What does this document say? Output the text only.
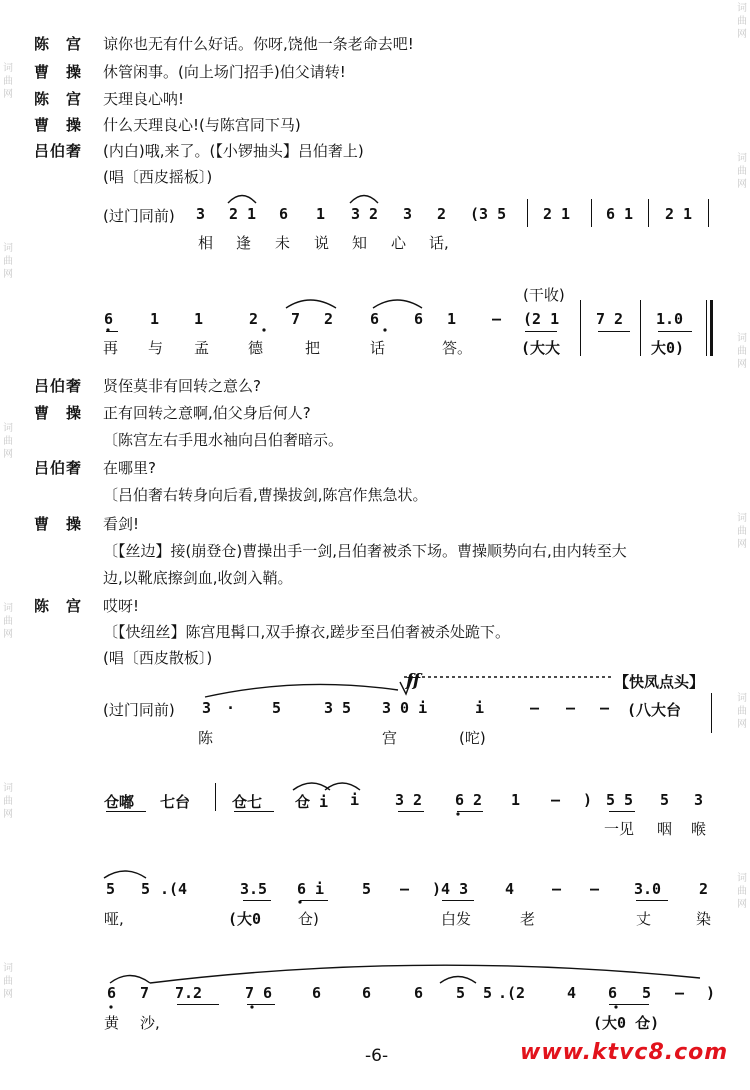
词曲网
词曲网
词曲网
词曲网
词曲网
词曲网
词曲网
词曲网
词曲网
词曲网
词曲网
词曲网
陈　宫 谅你也无有什么好话。你呀,饶他一条老命去吧!
曹　操 休管闲事。(向上场门招手)伯父请转!
陈　宫 天理良心呐!
曹　操 什么天理良心!(与陈宫同下马)
吕伯奢 (内白)哦,来了。(【小锣抽头】吕伯奢上)
(唱〔西皮摇板〕)
(过门同前) 3 2 1 6 1 3 2 3 2 (3 5 2 1 6 1 2 1
相 逢 未 说 知 心 话,
(干收)
6 1 1	2 7 2 6 6 1 – (2 1 7 2 1.0
再 与 孟	德	把	话	答。	(大大	大0)
吕伯奢 贤侄莫非有回转之意么?
曹　操 正有回转之意啊,伯父身后何人?
〔陈宫左右手甩水袖向吕伯奢暗示。
吕伯奢 在哪里?
〔吕伯奢右转身向后看,曹操拔剑,陈宫作焦急状。
曹　操 看剑!
〔【丝边】接(崩登仓)曹操出手一剑,吕伯奢被杀下场。曹操顺势向右,由内转至大
边,以靴底擦剑血,收剑入鞘。
陈　宫 哎呀!
〔【快纽丝】陈宫甩髯口,双手撩衣,蹉步至吕伯奢被杀处跪下。
(唱〔西皮散板〕)
ff	【快凤点头】
(过门同前) 3 · 5	3 5 3 0 i	i	– – – (八大台
陈	宫	(咜)
仓嘟 七台	仓七 仓 i i 3 2 6 2 1 – ) 5 5 5 3
一见 咽 喉
5 5 .(4	3.5 6 i	5 – )4 3 4	– – 3.0	2
哑,	(大0 仓)	白发	老	丈	染
6 7 7.2	7 6	6	6	6 5 5 .(2	4 6 5 – )
黄 沙,	(大0 仓)
-6-	www.ktvc8.com
